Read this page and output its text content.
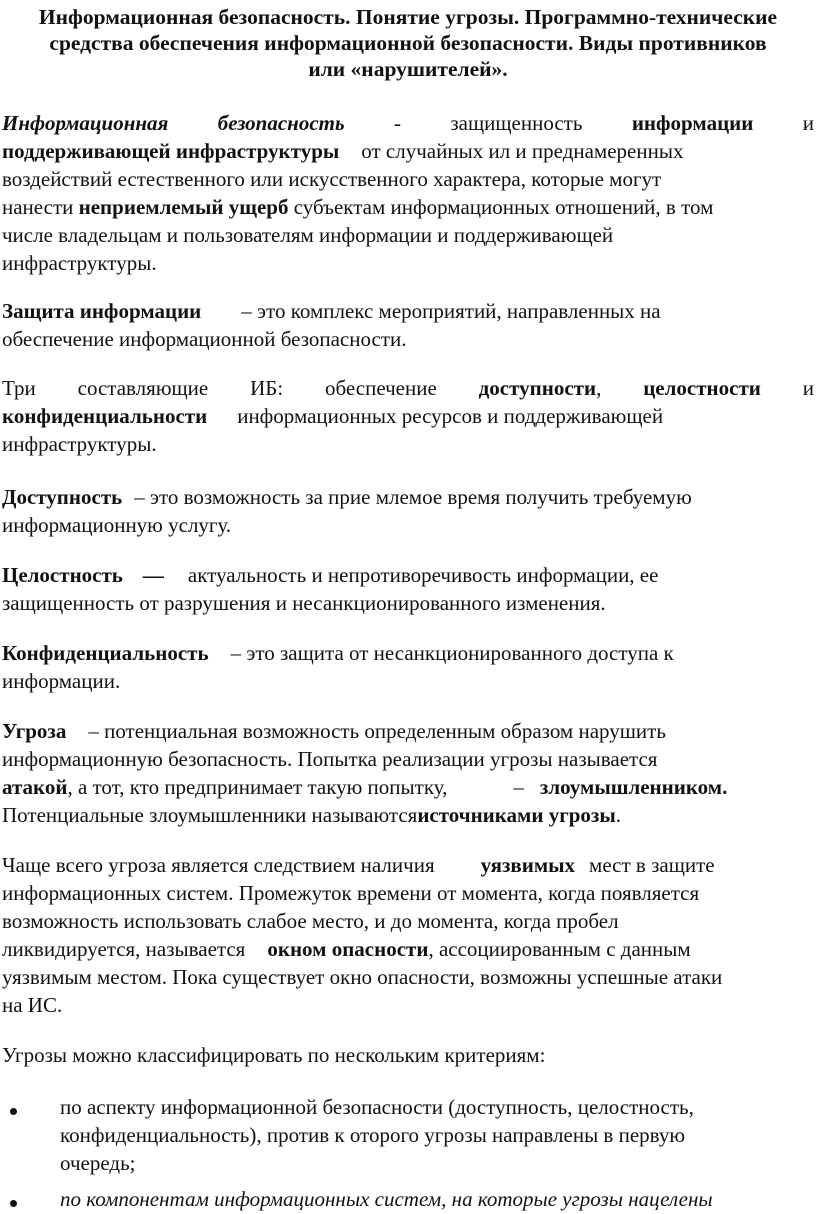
Информационная безопасность. Понятие угрозы. Программно-технические
средства обеспечения информационной безопасности. Виды противников
или «нарушителей».
Информационная безопасность - защищенность информации и
поддерживающей инфраструктуры от случайных ил и преднамеренных
воздействий естественного или искусственного характера, которые могут
нанести неприемлемый ущерб субъектам информационных отношений, в том
числе владельцам и пользователям информации и поддерживающей
инфраструктуры.
Защита информации – это комплекс мероприятий, направленных на
обеспечение информационной безопасности.
Три составляющие ИБ: обеспечение доступности, целостности и
конфиденциальности информационных ресурсов и поддерживающей
инфраструктуры.
Доступность – это возможность за прие млемое время получить требуемую
информационную услугу.
Целостность — актуальность и непротиворечивость информации, ее
защищенность от разрушения и несанкционированного изменения.
Конфиденциальность – это защита от несанкционированного доступа к
информации.
Угроза – потенциальная возможность определенным образом нарушить
информационную безопасность. Попытка реализации угрозы называется
атакой, а тот, кто предпринимает такую попытку,	– злоумышленником.
Потенциальные злоумышленники называютсяисточниками угрозы.
Чаще всего угроза является следствием наличия уязвимых мест в защите
информационных систем. Промежуток времени от момента, когда появляется
возможность использовать слабое место, и до момента, когда пробел
ликвидируется, называется окном опасности, ассоциированным с данным
уязвимым местом. Пока существует окно опасности, возможны успешные атаки
на ИС.
Угрозы можно классифицировать по нескольким критериям:
по аспекту информационной безопасности (доступность, целостность,
конфиденциальность), против к оторого угрозы направлены в первую
очередь;
по компонентам информационных систем, на которые угрозы нацелены
